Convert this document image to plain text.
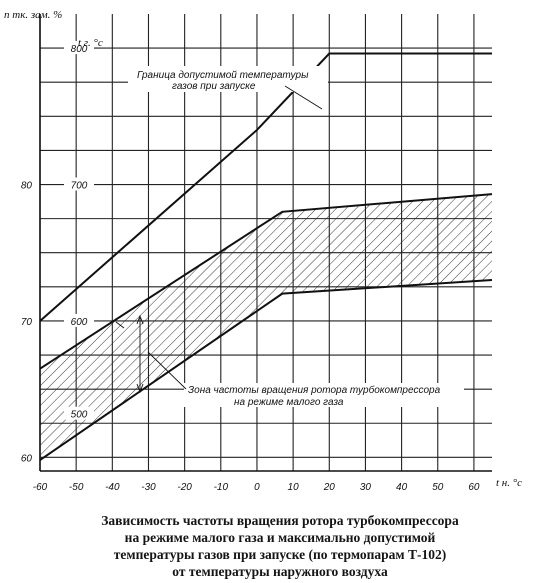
-60 -50 -40 -30 -20 -10	0	10	20	30	40	50	60
60
70
80
500
600
700
800
n тк. зам. %
t г. °c
t н. °c
Граница допустимой температуры
газов при запуске
Зона частоты вращения ротора турбокомпрессора
на режиме малого газа
Зависимость частоты вращения ротора турбокомпрессора
на режиме малого газа и максимально допустимой
температуры газов при запуске (по термопарам Т-102)
от температуры наружного воздуха
